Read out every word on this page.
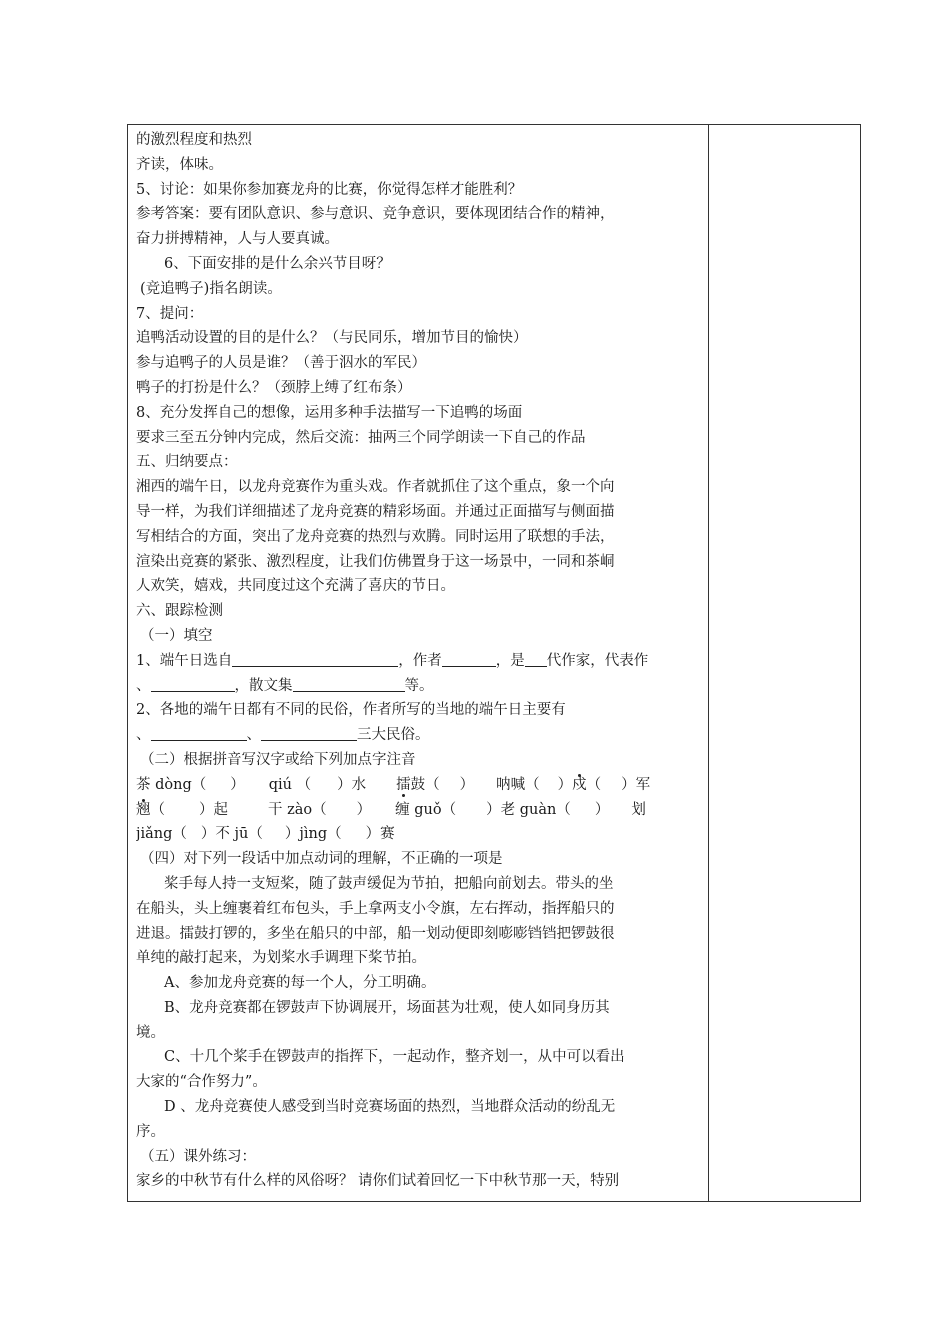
的激烈程度和热烈
齐读，体味。
5、讨论：如果你参加赛龙舟的比赛，你觉得怎样才能胜利？
参考答案：要有团队意识、参与意识、竞争意识，要体现团结合作的精神，
奋力拼搏精神，人与人要真诚。
6、下面安排的是什么余兴节目呀？
(竞追鸭子)指名朗读。
7、提问：
追鸭活动设置的目的是什么？（与民同乐，增加节目的愉快）
参与追鸭子的人员是谁？（善于泅水的军民）
鸭子的打扮是什么？（颈脖上缚了红布条）
8、充分发挥自己的想像，运用多种手法描写一下追鸭的场面
要求三至五分钟内完成，然后交流：抽两三个同学朗读一下自己的作品
五、归纳要点：
湘西的端午日，以龙舟竞赛作为重头戏。作者就抓住了这个重点，象一个向
导一样，为我们详细描述了龙舟竞赛的精彩场面。并通过正面描写与侧面描
写相结合的方面，突出了龙舟竞赛的热烈与欢腾。同时运用了联想的手法，
渲染出竞赛的紧张、激烈程度，让我们仿佛置身于这一场景中，一同和茶峒
人欢笑，嬉戏，共同度过这个充满了喜庆的节日。
六、跟踪检测
（一）填空
1、端午日选自	，作者	，是 代作家，代表作
、	，散文集	等。
2、各地的端午日都有不同的民俗，作者所写的当地的端午日主要有
、	、	三大民俗。
（二）根据拼音写汉字或给下列加点字注音
茶 dòng（ ） qiú （ ）水 擂鼓（ ） 呐喊（ ）戍（ ）军
翘（ ）起	干 zào（ ） 缠 guǒ（ ）老 guàn（ ） 划
jiǎng（ ）不 jū（ ）jìng（ ）赛
（四）对下列一段话中加点动词的理解，不正确的一项是
桨手每人持一支短桨，随了鼓声缓促为节拍，把船向前划去。带头的坐
在船头，头上缠裹着红布包头，手上拿两支小令旗，左右挥动，指挥船只的
进退。擂鼓打锣的，多坐在船只的中部，船一划动便即刻嘭嘭铛铛把锣鼓很
单纯的敲打起来，为划桨水手调理下桨节拍。
A、参加龙舟竞赛的每一个人，分工明确。
B、龙舟竞赛都在锣鼓声下协调展开，场面甚为壮观，使人如同身历其
境。
C、十几个桨手在锣鼓声的指挥下，一起动作，整齐划一，从中可以看出
大家的“合作努力”。
D 、龙舟竞赛使人感受到当时竞赛场面的热烈，当地群众活动的纷乱无
序。
（五）课外练习：
家乡的中秋节有什么样的风俗呀？ 请你们试着回忆一下中秋节那一天，特别
